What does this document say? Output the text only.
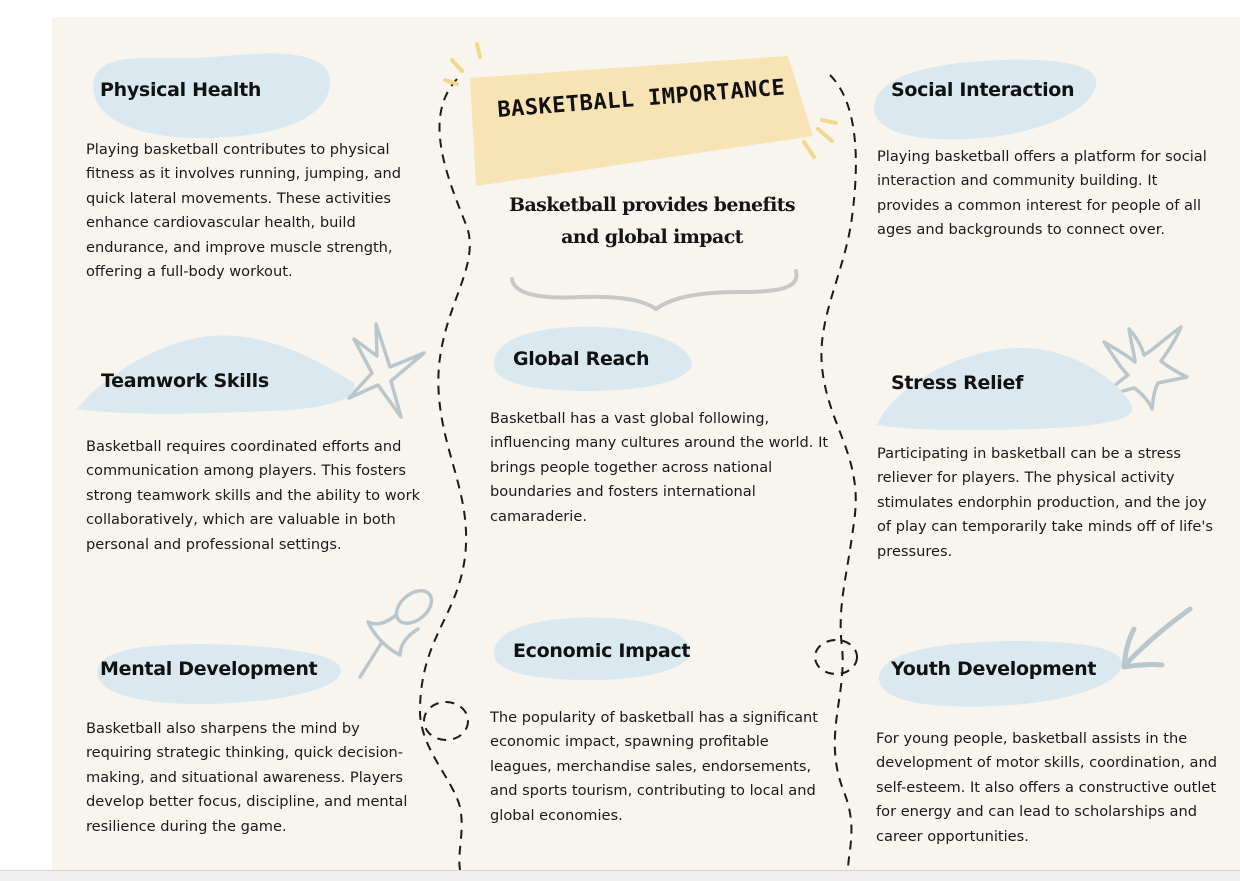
BASKETBALL IMPORTANCE

Basketball provides benefits and global impact

Physical Health
Teamwork Skills
Mental Development
Global Reach
Economic Impact
Social Interaction
Stress Relief
Youth Development

Playing basketball contributes to physical fitness as it involves running, jumping, and quick lateral movements. These activities enhance cardiovascular health, build endurance, and improve muscle strength, offering a full-body workout.

Basketball requires coordinated efforts and communication among players. This fosters strong teamwork skills and the ability to work collaboratively, which are valuable in both personal and professional settings.

Basketball also sharpens the mind by requiring strategic thinking, quick decision-making, and situational awareness. Players develop better focus, discipline, and mental resilience during the game.

Basketball has a vast global following, influencing many cultures around the world. It brings people together across national boundaries and fosters international camaraderie.

The popularity of basketball has a significant economic impact, spawning profitable leagues, merchandise sales, endorsements, and sports tourism, contributing to local and global economies.

Playing basketball offers a platform for social interaction and community building. It provides a common interest for people of all ages and backgrounds to connect over.

Participating in basketball can be a stress reliever for players. The physical activity stimulates endorphin production, and the joy of play can temporarily take minds off of life's pressures.

For young people, basketball assists in the development of motor skills, coordination, and self-esteem. It also offers a constructive outlet for energy and can lead to scholarships and career opportunities.
